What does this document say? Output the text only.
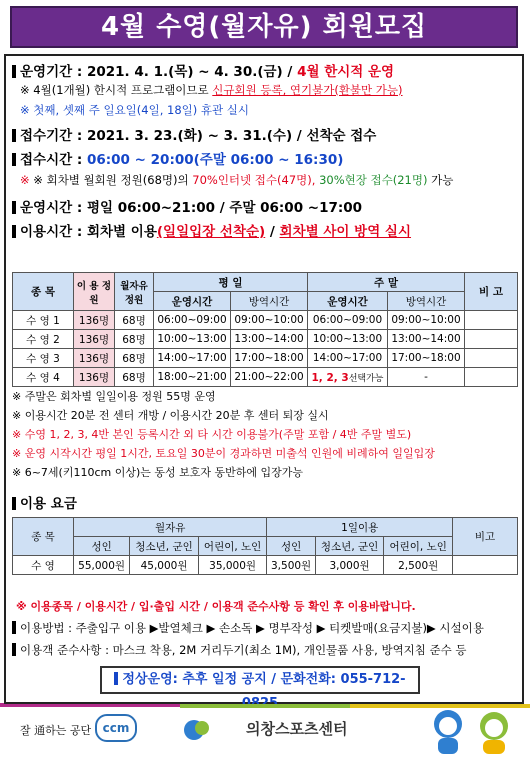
4월 수영(월자유) 회원모집
운영기간 : 2021. 4. 1.(목) ~ 4. 30.(금) / 4월 한시적 운영
※ 4월(1개월) 한시적 프로그램이므로 신규회원 등록, 연기불가(환불만 가능)
※ 첫째, 셋째 주 일요일(4일, 18일) 휴관 실시
접수기간 : 2021. 3. 23.(화) ~ 3. 31.(수) / 선착순 접수
접수시간 : 06:00 ~ 20:00(주말 06:00 ~ 16:30)
※ ※ 회차별 월회원 정원(68명)의 70%인터넷 접수(47명), 30%현장 접수(21명) 가능
운영시간 : 평일 06:00~21:00 / 주말 06:00 ~17:00
이용시간 : 회차별 이용(일일입장 선착순) / 회차별 사이 방역 실시
종 목	이 용 정 원	월자유 정원	평 일		주 말		비 고
			운영시간	방역시간	운영시간	방역시간	
수 영 1	136명	68명	06:00~09:00	09:00~10:00	06:00~09:00	09:00~10:00	
수 영 2	136명	68명	10:00~13:00	13:00~14:00	10:00~13:00	13:00~14:00	
수 영 3	136명	68명	14:00~17:00	17:00~18:00	14:00~17:00	17:00~18:00	
수 영 4	136명	68명	18:00~21:00	21:00~22:00	1, 2, 3선택가능	-	
※ 주말은 회차별 일일이용 정원 55명 운영
※ 이용시간 20분 전 센터 개방 / 이용시간 20분 후 센터 퇴장 실시
※ 수영 1, 2, 3, 4반 본인 등록시간 외 타 시간 이용불가(주말 포함 / 4반 주말 별도)
※ 운영 시작시간 평일 1시간, 토요일 30분이 경과하면 미출석 인원에 비례하여 일일입장
※ 6~7세(키110cm 이상)는 동성 보호자 동반하에 입장가능
이용 요금
종 목	월자유			1일이용			비고
	성인	청소년, 군인	어린이, 노인	성인	청소년, 군인	어린이, 노인	
수 영	55,000원	45,000원	35,000원	3,500원	3,000원	2,500원	
※ 이용종목 / 이용시간 / 입·출입 시간 / 이용객 준수사항 등 확인 후 이용바랍니다.
이용방법 : 주출입구 이용 ▶발열체크 ▶ 손소독 ▶ 명부작성 ▶ 티켓발매(요금지불)▶ 시설이용
이용객 준수사항 : 마스크 착용, 2M 거리두기(최소 1M), 개인물품 사용, 방역지침 준수 등
정상운영: 추후 일정 공지 / 문화전화: 055-712-
잘 通하는 공단 ccm	의창스포츠센터
